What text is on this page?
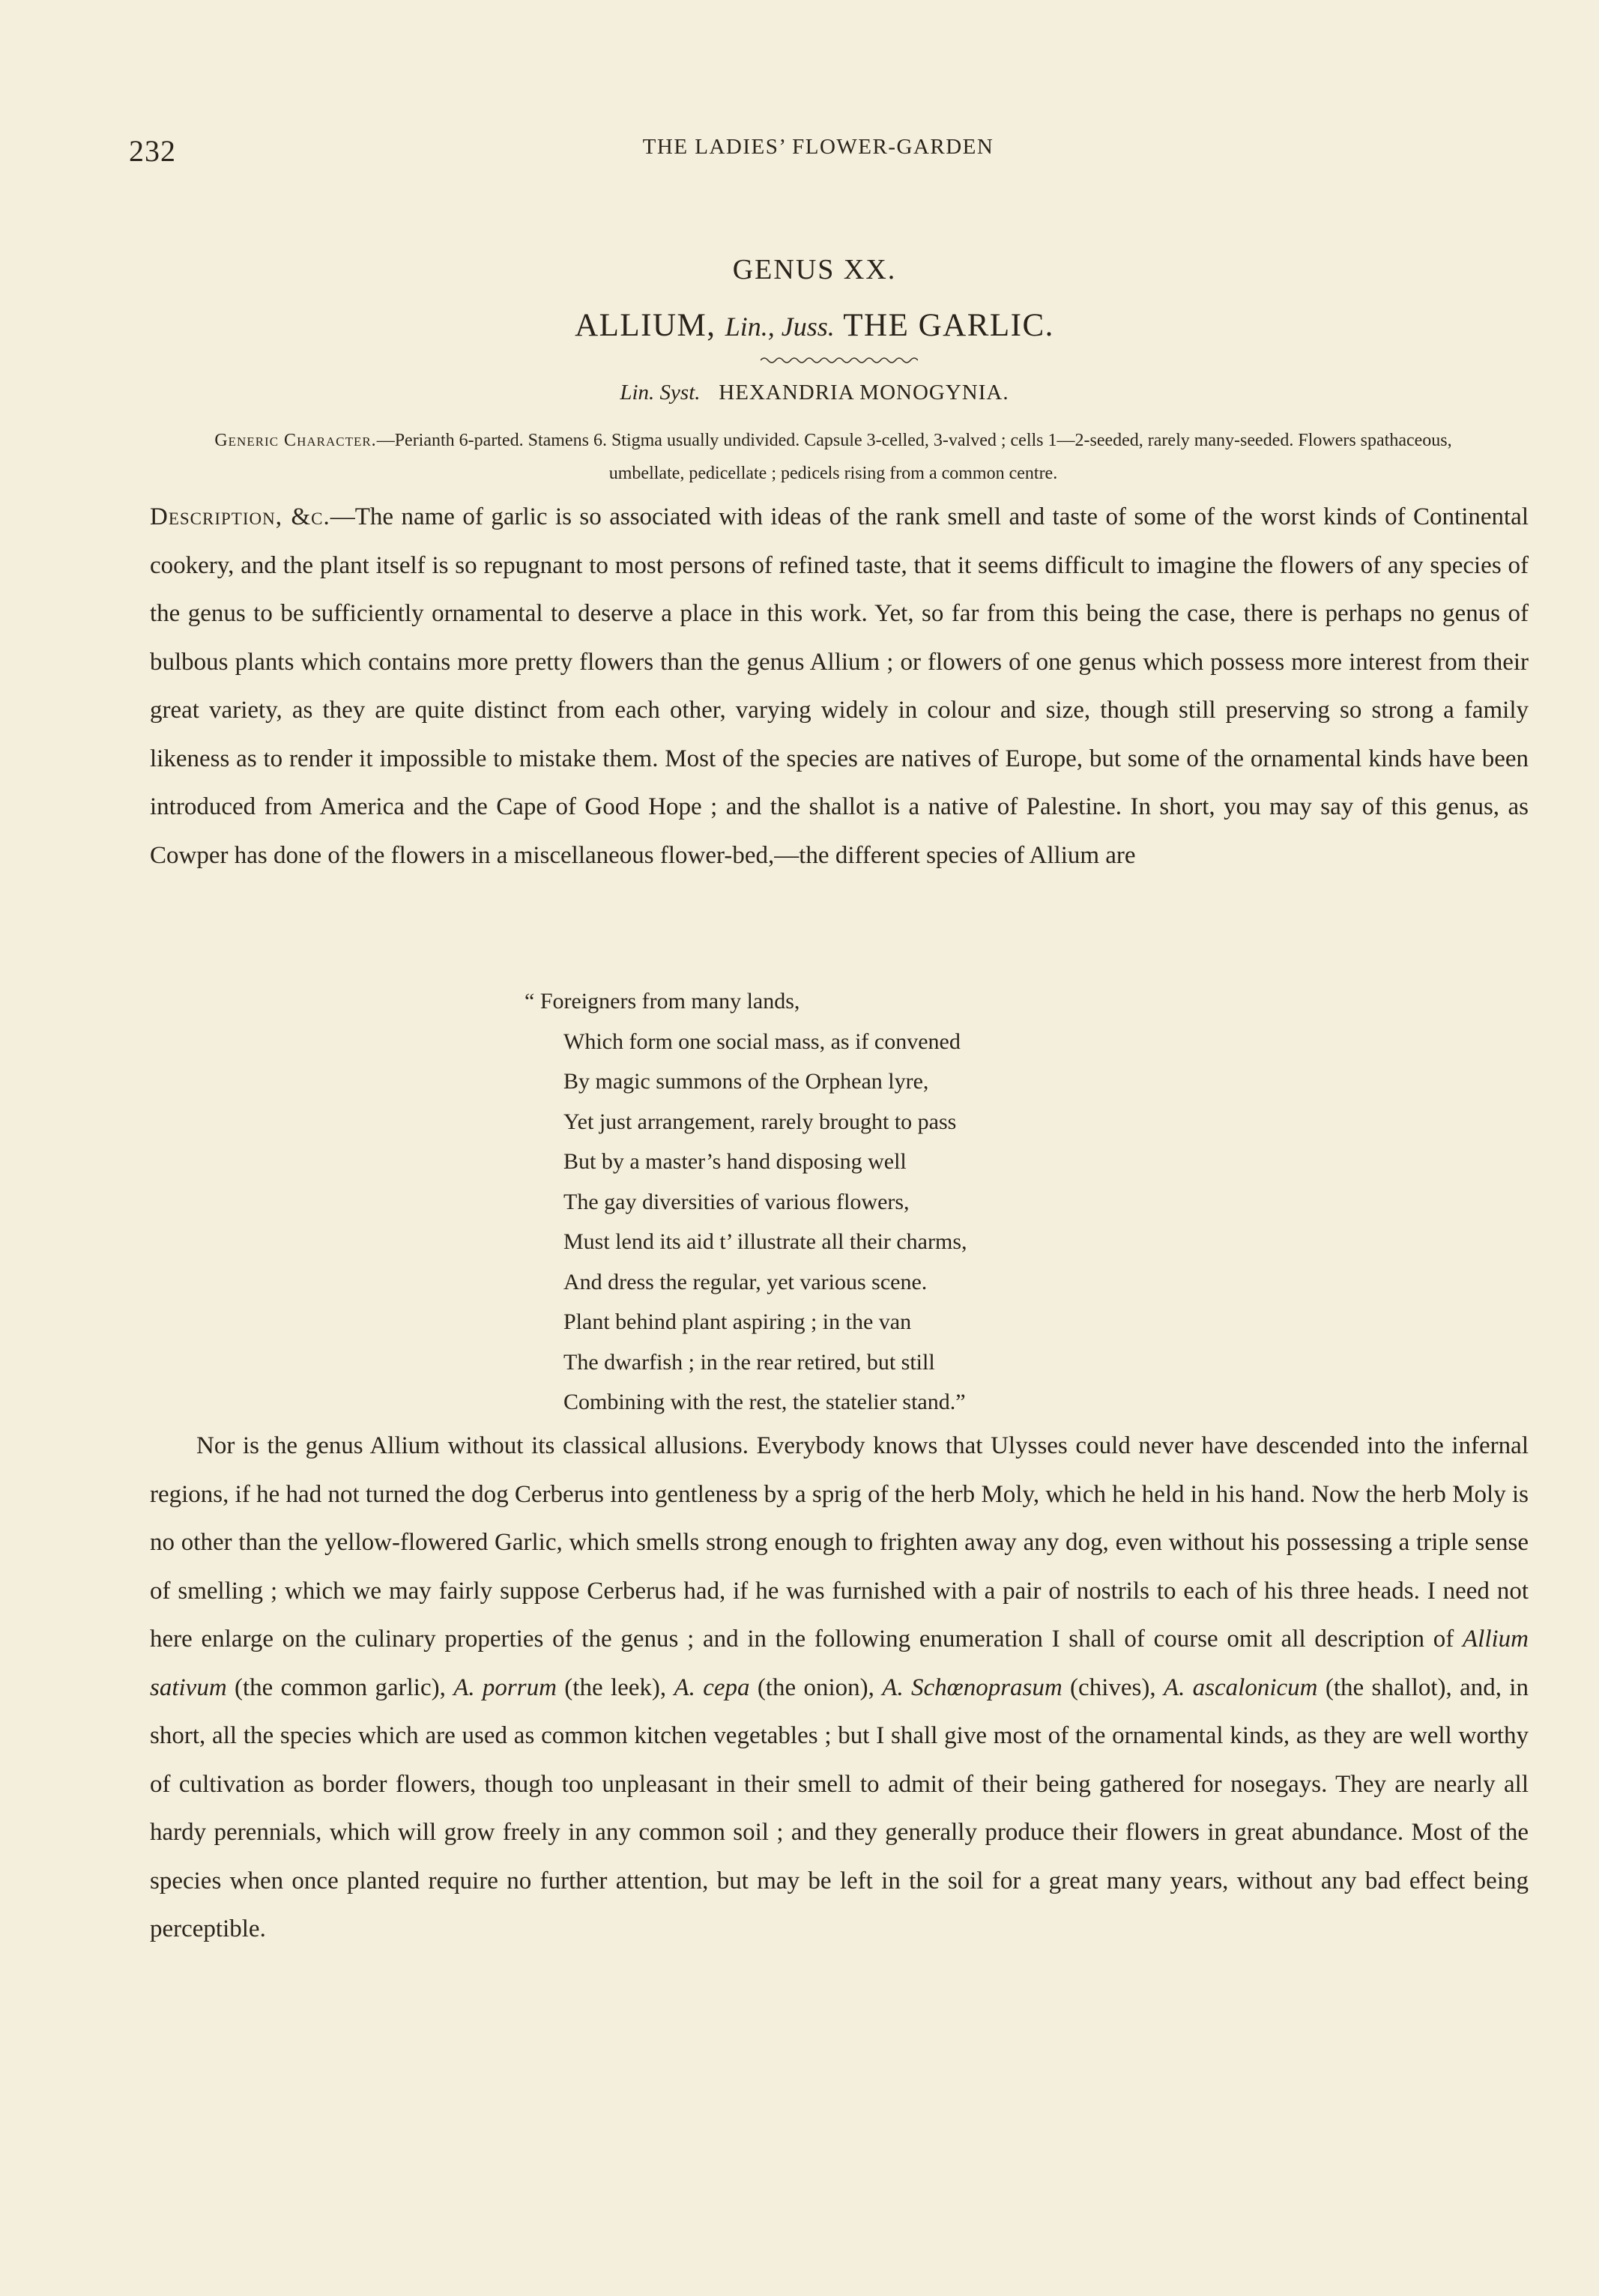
232	THE LADIES’ FLOWER-GARDEN
GENUS XX.
ALLIUM, Lin., Juss. THE GARLIC.
Lin. Syst. HEXANDRIA MONOGYNIA.
Generic Character.—Perianth 6-parted. Stamens 6. Stigma usually undivided. Capsule 3-celled, 3-valved ; cells 1—2-seeded, rarely many-seeded. Flowers spathaceous, umbellate, pedicellate ; pedicels rising from a common centre.
Description, &c.—The name of garlic is so associated with ideas of the rank smell and taste of some of the worst kinds of Continental cookery, and the plant itself is so repugnant to most persons of refined taste, that it seems difficult to imagine the flowers of any species of the genus to be sufficiently ornamental to deserve a place in this work. Yet, so far from this being the case, there is perhaps no genus of bulbous plants which contains more pretty flowers than the genus Allium ; or flowers of one genus which possess more interest from their great variety, as they are quite distinct from each other, varying widely in colour and size, though still preserving so strong a family likeness as to render it impossible to mistake them. Most of the species are natives of Europe, but some of the ornamental kinds have been introduced from America and the Cape of Good Hope ; and the shallot is a native of Palestine. In short, you may say of this genus, as Cowper has done of the flowers in a miscellaneous flower-bed,—the different species of Allium are
“ Foreigners from many lands,
Which form one social mass, as if convened
By magic summons of the Orphean lyre,
Yet just arrangement, rarely brought to pass
But by a master’s hand disposing well
The gay diversities of various flowers,
Must lend its aid t’ illustrate all their charms,
And dress the regular, yet various scene.
Plant behind plant aspiring ; in the van
The dwarfish ; in the rear retired, but still
Combining with the rest, the statelier stand.”
Nor is the genus Allium without its classical allusions. Everybody knows that Ulysses could never have descended into the infernal regions, if he had not turned the dog Cerberus into gentleness by a sprig of the herb Moly, which he held in his hand. Now the herb Moly is no other than the yellow-flowered Garlic, which smells strong enough to frighten away any dog, even without his possessing a triple sense of smelling ; which we may fairly suppose Cerberus had, if he was furnished with a pair of nostrils to each of his three heads. I need not here enlarge on the culinary properties of the genus ; and in the following enumeration I shall of course omit all description of Allium sativum (the common garlic), A. porrum (the leek), A. cepa (the onion), A. Schœnoprasum (chives), A. ascalonicum (the shallot), and, in short, all the species which are used as common kitchen vegetables ; but I shall give most of the ornamental kinds, as they are well worthy of cultivation as border flowers, though too unpleasant in their smell to admit of their being gathered for nosegays. They are nearly all hardy perennials, which will grow freely in any common soil ; and they generally produce their flowers in great abundance. Most of the species when once planted require no further attention, but may be left in the soil for a great many years, without any bad effect being perceptible.
